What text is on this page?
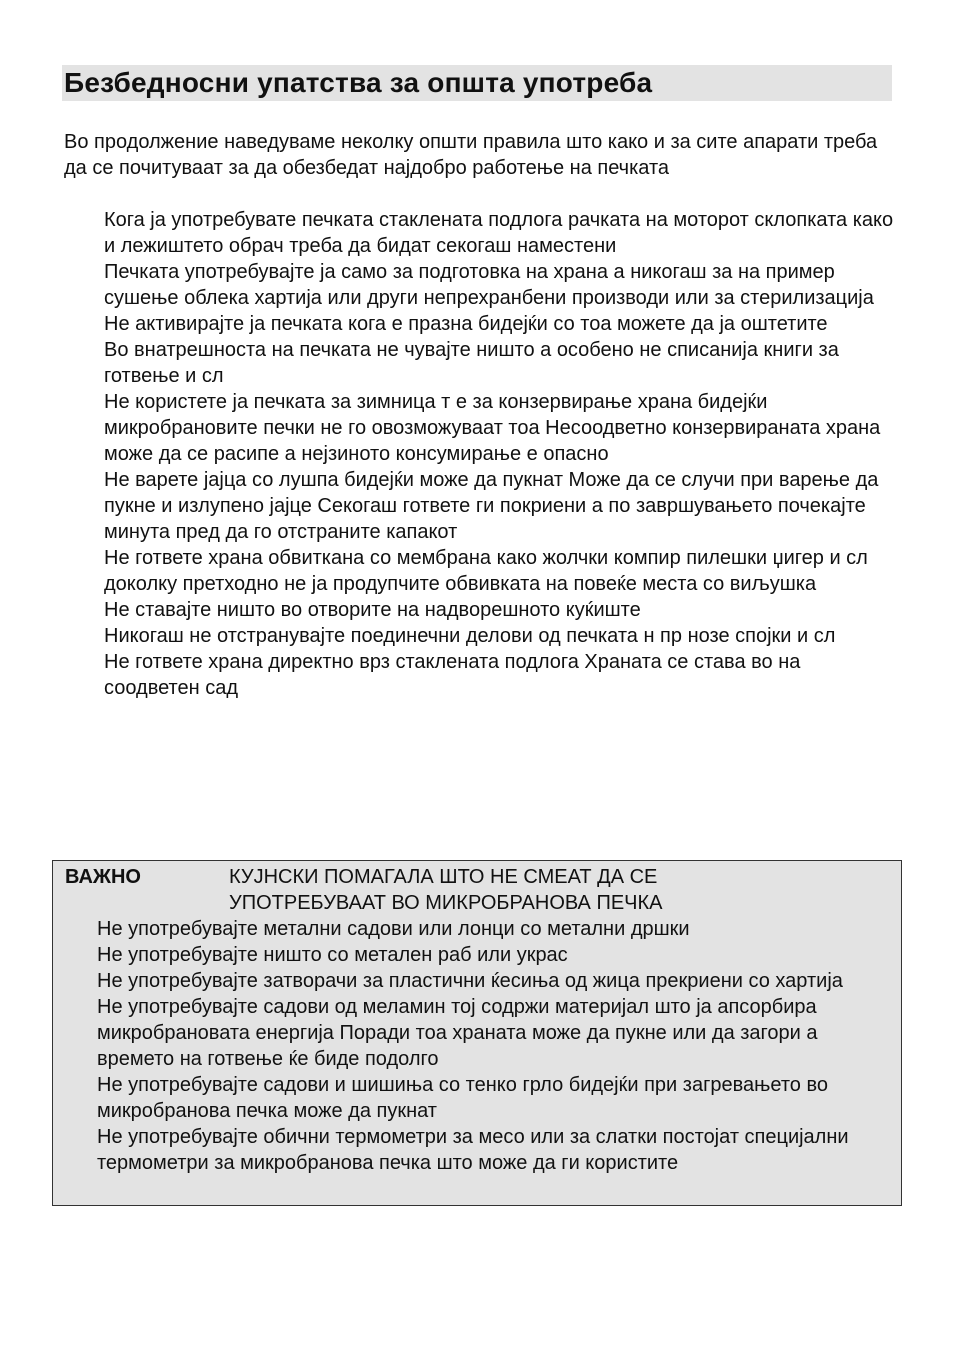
Безбедносни упатства за општа употреба
Во продолжение наведуваме неколку општи правила што како и за сите апарати треба да се почитуваат за да обезбедат најдобро работење на печката
Кога ја употребувате печката стаклената подлога рачката на моторот склопката како и лежиштето обрач треба да бидат секогаш наместени
Печката употребувајте ја само за подготовка на храна а никогаш за на пример сушење облека хартија или други непрехранбени производи или за стерилизација
Не активирајте ја печката кога е празна бидејќи со тоа можете да ја оштетите
Во внатрешноста на печката не чувајте ништо а особено не списанија книги за готвење и сл
Не користете ја печката за зимница т е за конзервирање храна бидејќи микробрановите печки не го овозможуваат тоа Несоодветно конзервираната храна може да се расипе а нејзиното консумирање е опасно
Не варете јајца со лушпа бидејќи може да пукнат Може да се случи при варење да пукне и излупено јајце Секогаш гответе ги покриени а по завршувањето почекајте минута пред да го отстраните капакот
Не гответе храна обвиткана со мембрана како жолчки компир пилешки џигер и сл доколку претходно не ја продупчите обвивката на повеќе места со виљушка
Не ставајте ништо во отворите на надворешното куќиште
Никогаш не отстранувајте поединечни делови од печката н пр нозе спојки и сл
Не гответе храна директно врз стаклената подлога Храната се става во на соодветен сад
ВАЖНО	КУЈНСКИ ПОМАГАЛА ШТО НЕ СМЕАТ ДА СЕ УПОТРЕБУВААТ ВО МИКРОБРАНОВА ПЕЧКА
Не употребувајте метални садови или лонци со метални дршки
Не употребувајте ништо со метален раб или украс
Не употребувајте затворачи за пластични ќесиња од жица прекриени со хартија
Не употребувајте садови од меламин тој содржи материјал што ја апсорбира микробрановата енергија Поради тоа храната може да пукне или да загори а времето на готвење ќе биде подолго
Не употребувајте садови и шишиња со тенко грло бидејќи при загревањето во микробранова печка може да пукнат
Не употребувајте обични термометри за месо или за слатки постојат специјални термометри за микробранова печка што може да ги користите
